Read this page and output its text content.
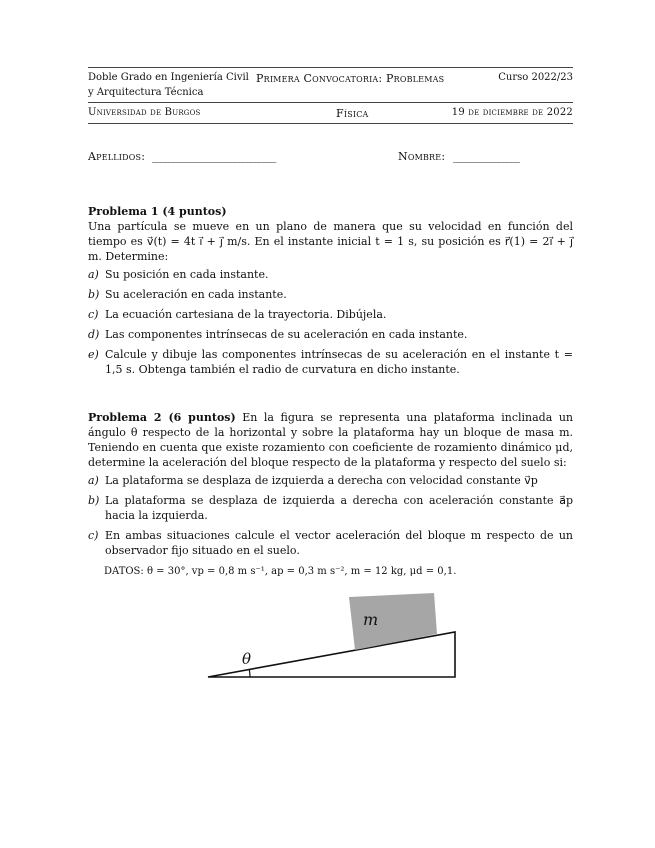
Doble Grado en Ingeniería Civil Primera Convocatoria: Problemas	Curso 2022/23
y Arquitectura Técnica
Universidad de Burgos	Física	19 de diciembre de 2022
Apellidos: ______________________________	Nombre: ________________
Problema 1 (4 puntos)
Una partícula se mueve en un plano de manera que su velocidad en función del tiempo es v⃗(t) = 4t ı⃗ + ȷ⃗ m/s. En el instante inicial t = 1 s, su posición es r⃗(1) = 2ı⃗ + ȷ⃗ m. Determine:
a) Su posición en cada instante.
b) Su aceleración en cada instante.
c) La ecuación cartesiana de la trayectoria. Dibújela.
d) Las componentes intrínsecas de su aceleración en cada instante.
e) Calcule y dibuje las componentes intrínsecas de su aceleración en el instante t = 1,5 s. Obtenga también el radio de curvatura en dicho instante.
Problema 2 (6 puntos) En la figura se representa una plataforma inclinada un ángulo θ respecto de la horizontal y sobre la plataforma hay un bloque de masa m. Teniendo en cuenta que existe rozamiento con coeficiente de rozamiento dinámico μd, determine la aceleración del bloque respecto de la plataforma y respecto del suelo si:
a) La plataforma se desplaza de izquierda a derecha con velocidad constante v⃗p
b) La plataforma se desplaza de izquierda a derecha con aceleración constante a⃗p hacia la izquierda.
c) En ambas situaciones calcule el vector aceleración del bloque m respecto de un observador fijo situado en el suelo.
DATOS: θ = 30°, vp = 0,8 m s⁻¹, ap = 0,3 m s⁻², m = 12 kg, μd = 0,1.
m
θ
